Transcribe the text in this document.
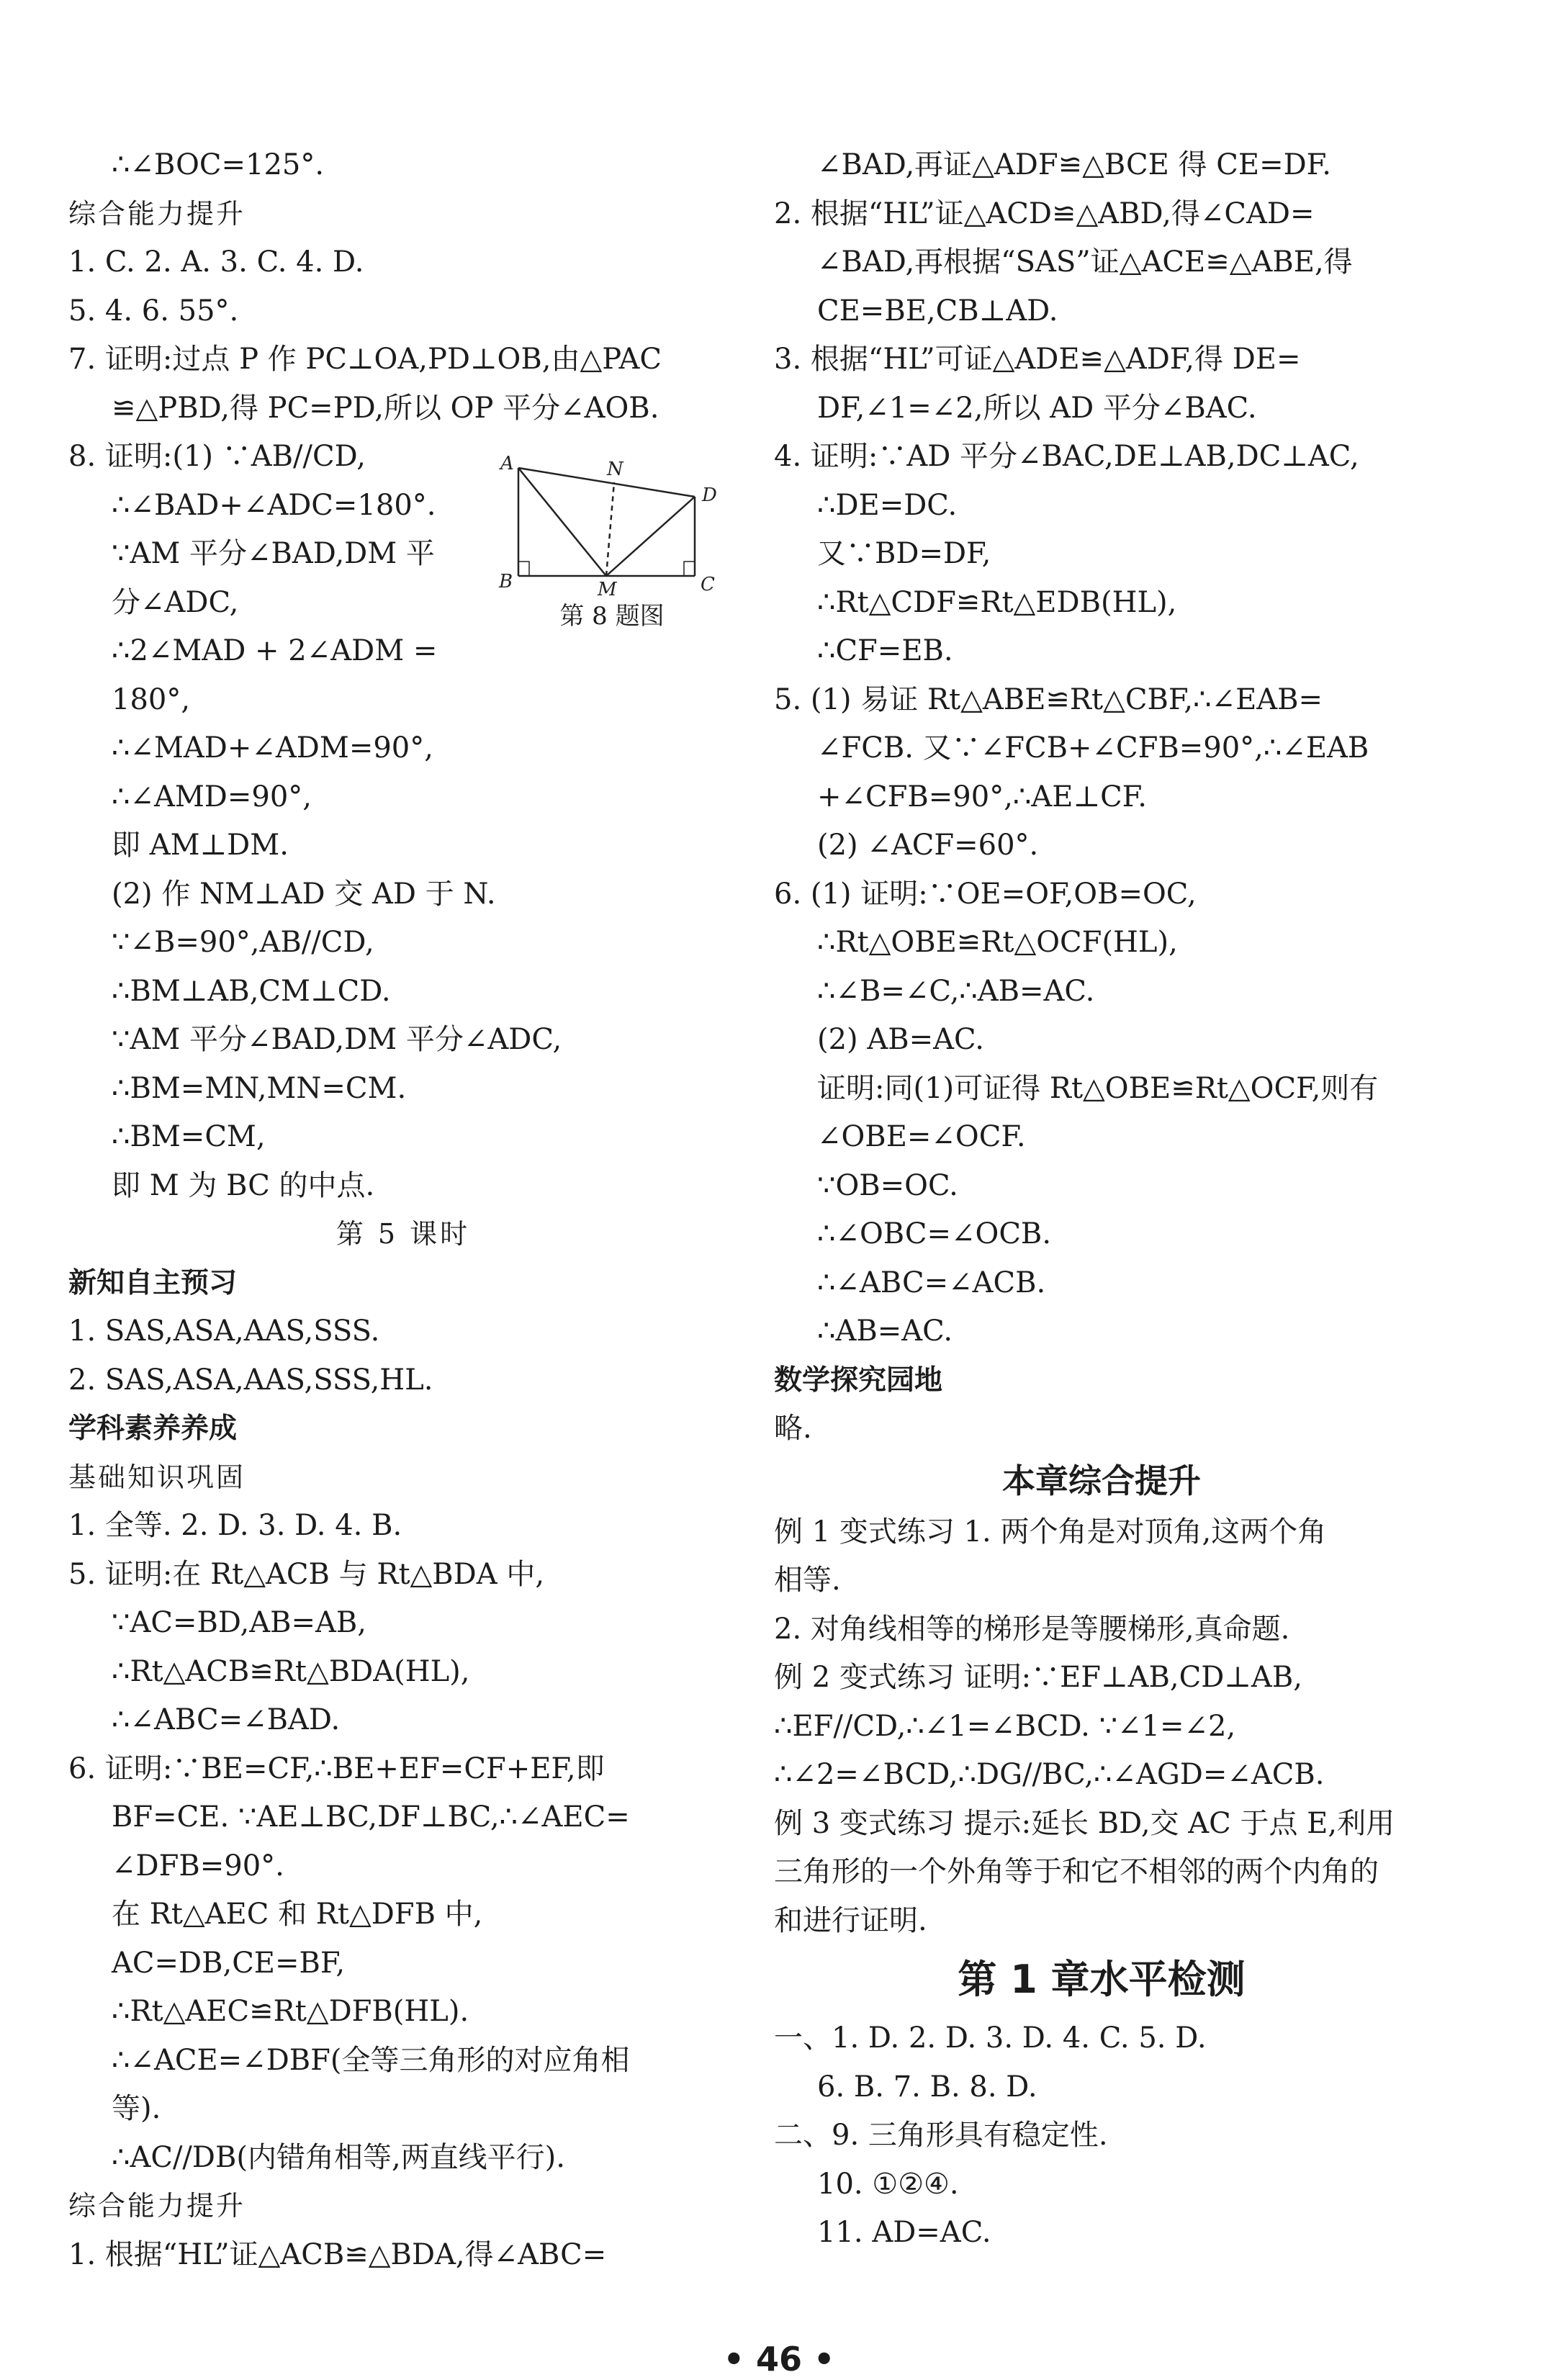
∴∠BOC=125°.
综合能力提升
1. C. 2. A. 3. C. 4. D.
5. 4. 6. 55°.
7. 证明:过点 P 作 PC⊥OA,PD⊥OB,由△PAC
≌△PBD,得 PC=PD,所以 OP 平分∠AOB.
8. 证明:(1) ∵AB//CD,
∴∠BAD+∠ADC=180°.
∵AM 平分∠BAD,DM 平
分∠ADC,
∴2∠MAD + 2∠ADM =
180°,
∴∠MAD+∠ADM=90°,
∴∠AMD=90°,
即 AM⊥DM.
(2) 作 NM⊥AD 交 AD 于 N.
∵∠B=90°,AB//CD,
∴BM⊥AB,CM⊥CD.
∵AM 平分∠BAD,DM 平分∠ADC,
∴BM=MN,MN=CM.
∴BM=CM,
即 M 为 BC 的中点.
第 5 课时
新知自主预习
1. SAS,ASA,AAS,SSS.
2. SAS,ASA,AAS,SSS,HL.
学科素养养成
基础知识巩固
1. 全等. 2. D. 3. D. 4. B.
5. 证明:在 Rt△ACB 与 Rt△BDA 中,
∵AC=BD,AB=AB,
∴Rt△ACB≌Rt△BDA(HL),
∴∠ABC=∠BAD.
6. 证明:∵BE=CF,∴BE+EF=CF+EF,即
BF=CE. ∵AE⊥BC,DF⊥BC,∴∠AEC=
∠DFB=90°.
在 Rt△AEC 和 Rt△DFB 中,
AC=DB,CE=BF,
∴Rt△AEC≌Rt△DFB(HL).
∴∠ACE=∠DBF(全等三角形的对应角相
等).
∴AC//DB(内错角相等,两直线平行).
综合能力提升
1. 根据“HL”证△ACB≌△BDA,得∠ABC=
∠BAD,再证△ADF≌△BCE 得 CE=DF.
2. 根据“HL”证△ACD≌△ABD,得∠CAD=
∠BAD,再根据“SAS”证△ACE≌△ABE,得
CE=BE,CB⊥AD.
3. 根据“HL”可证△ADE≌△ADF,得 DE=
DF,∠1=∠2,所以 AD 平分∠BAC.
4. 证明:∵AD 平分∠BAC,DE⊥AB,DC⊥AC,
∴DE=DC.
又∵BD=DF,
∴Rt△CDF≌Rt△EDB(HL),
∴CF=EB.
5. (1) 易证 Rt△ABE≌Rt△CBF,∴∠EAB=
∠FCB. 又∵∠FCB+∠CFB=90°,∴∠EAB
+∠CFB=90°,∴AE⊥CF.
(2) ∠ACF=60°.
6. (1) 证明:∵OE=OF,OB=OC,
∴Rt△OBE≌Rt△OCF(HL),
∴∠B=∠C,∴AB=AC.
(2) AB=AC.
证明:同(1)可证得 Rt△OBE≌Rt△OCF,则有
∠OBE=∠OCF.
∵OB=OC.
∴∠OBC=∠OCB.
∴∠ABC=∠ACB.
∴AB=AC.
数学探究园地
略.
本章综合提升
例 1 变式练习 1. 两个角是对顶角,这两个角
相等.
2. 对角线相等的梯形是等腰梯形,真命题.
例 2 变式练习 证明:∵EF⊥AB,CD⊥AB,
∴EF//CD,∴∠1=∠BCD. ∵∠1=∠2,
∴∠2=∠BCD,∴DG//BC,∴∠AGD=∠ACB.
例 3 变式练习 提示:延长 BD,交 AC 于点 E,利用
三角形的一个外角等于和它不相邻的两个内角的
和进行证明.
第 1 章水平检测
一、1. D. 2. D. 3. D. 4. C. 5. D.
6. B. 7. B. 8. D.
二、9. 三角形具有稳定性.
10. ①②④.
11. AD=AC.
A
B	C
D
M
N
第 8 题图
• 46 •
